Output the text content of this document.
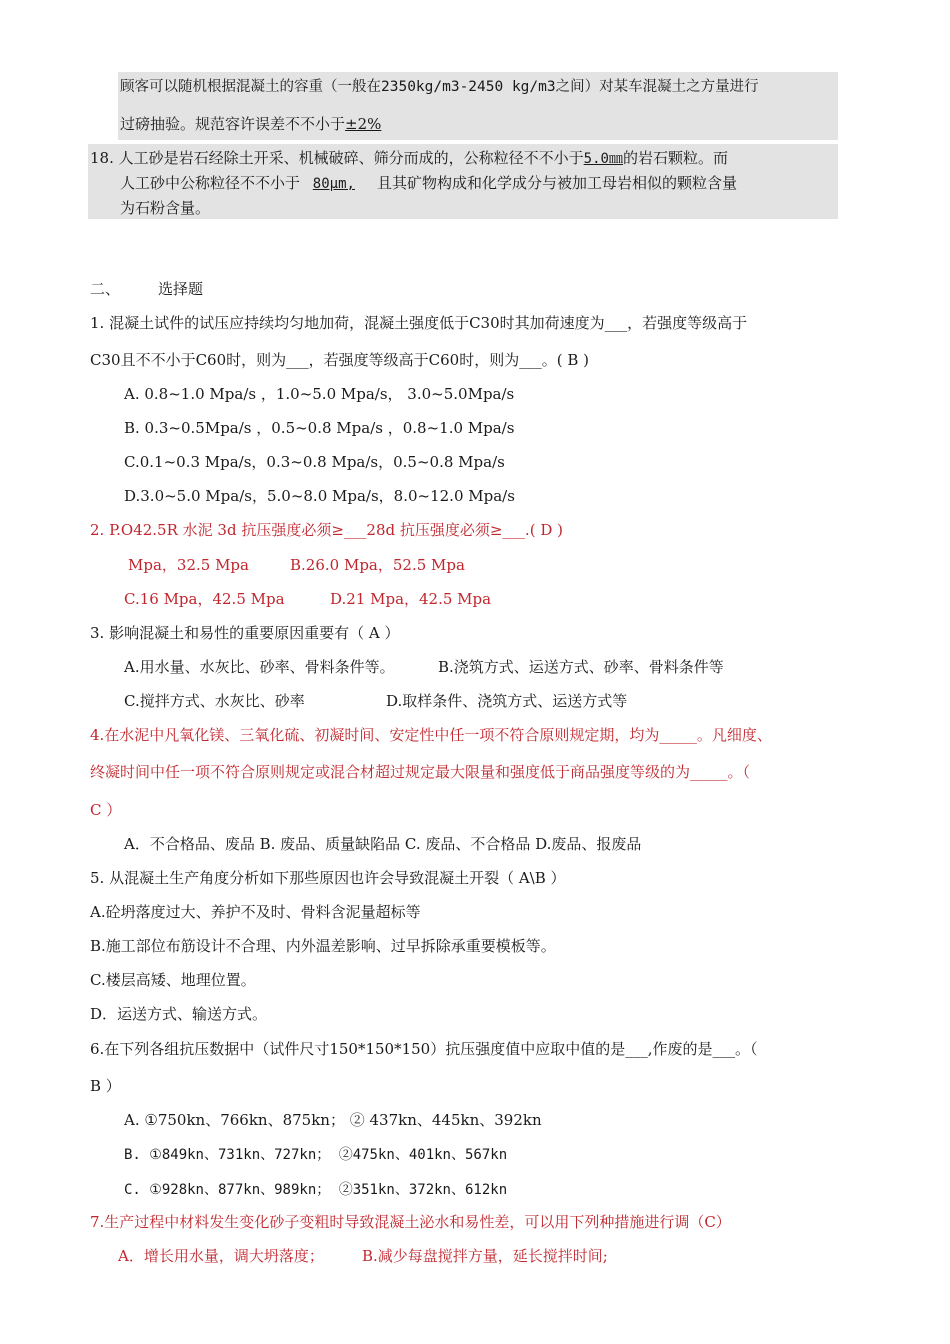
顾客可以随机根据混凝土的容重（一般在2350kg/m3-2450 kg/m3之间）对某车混凝土之方量进行
过磅抽验。规范容许误差不不小于±2%
18. 人工砂是岩石经除土开采、机械破碎、筛分而成的，公称粒径不不小于5.0㎜的岩石颗粒。而
人工砂中公称粒径不不小于 80μm, 且其矿物构成和化学成分与被加工母岩相似的颗粒含量
为石粉含量。
二、	选择题
1. 混凝土试件的试压应持续均匀地加荷，混凝土强度低于C30时其加荷速度为___，若强度等级高于
C30且不不小于C60时，则为___，若强度等级高于C60时，则为___。( B )
A. 0.8~1.0 Mpa/s ，1.0~5.0 Mpa/s， 3.0~5.0Mpa/s
B. 0.3~0.5Mpa/s ，0.5~0.8 Mpa/s ，0.8~1.0 Mpa/s
C.0.1~0.3 Mpa/s，0.3~0.8 Mpa/s，0.5~0.8 Mpa/s
D.3.0~5.0 Mpa/s，5.0~8.0 Mpa/s，8.0~12.0 Mpa/s
2. P.O42.5R 水泥 3d 抗压强度必须≥___28d 抗压强度必须≥___.( D )
Mpa，32.5 Mpa	B.26.0 Mpa，52.5 Mpa
C.16 Mpa，42.5 Mpa	D.21 Mpa，42.5 Mpa
3. 影响混凝土和易性的重要原因重要有（ A ）
A.用水量、水灰比、砂率、骨料条件等。	B.浇筑方式、运送方式、砂率、骨料条件等
C.搅拌方式、水灰比、砂率	D.取样条件、浇筑方式、运送方式等
4.在水泥中凡氧化镁、三氧化硫、初凝时间、安定性中任一项不符合原则规定期，均为_____。凡细度、
终凝时间中任一项不符合原则规定或混合材超过规定最大限量和强度低于商品强度等级的为_____。（
C ）
A．不合格品、废品 B. 废品、质量缺陷品 C. 废品、不合格品 D.废品、报废品
5. 从混凝土生产角度分析如下那些原因也许会导致混凝土开裂（ A\B ）
A.砼坍落度过大、养护不及时、骨料含泥量超标等
B.施工部位布筋设计不合理、内外温差影响、过早拆除承重要模板等。
C.楼层高矮、地理位置。
D．运送方式、输送方式。
6.在下列各组抗压数据中（试件尺寸150*150*150）抗压强度值中应取中值的是___,作废的是___。（
B ）
A. ①750kn、766kn、875kn； ② 437kn、445kn、392kn
B. ①849kn、731kn、727kn； ②475kn、401kn、567kn
C. ①928kn、877kn、989kn； ②351kn、372kn、612kn
7.生产过程中材料发生变化砂子变粗时导致混凝土泌水和易性差，可以用下列种措施进行调（C）
A．增长用水量，调大坍落度；	B.减少每盘搅拌方量，延长搅拌时间;
